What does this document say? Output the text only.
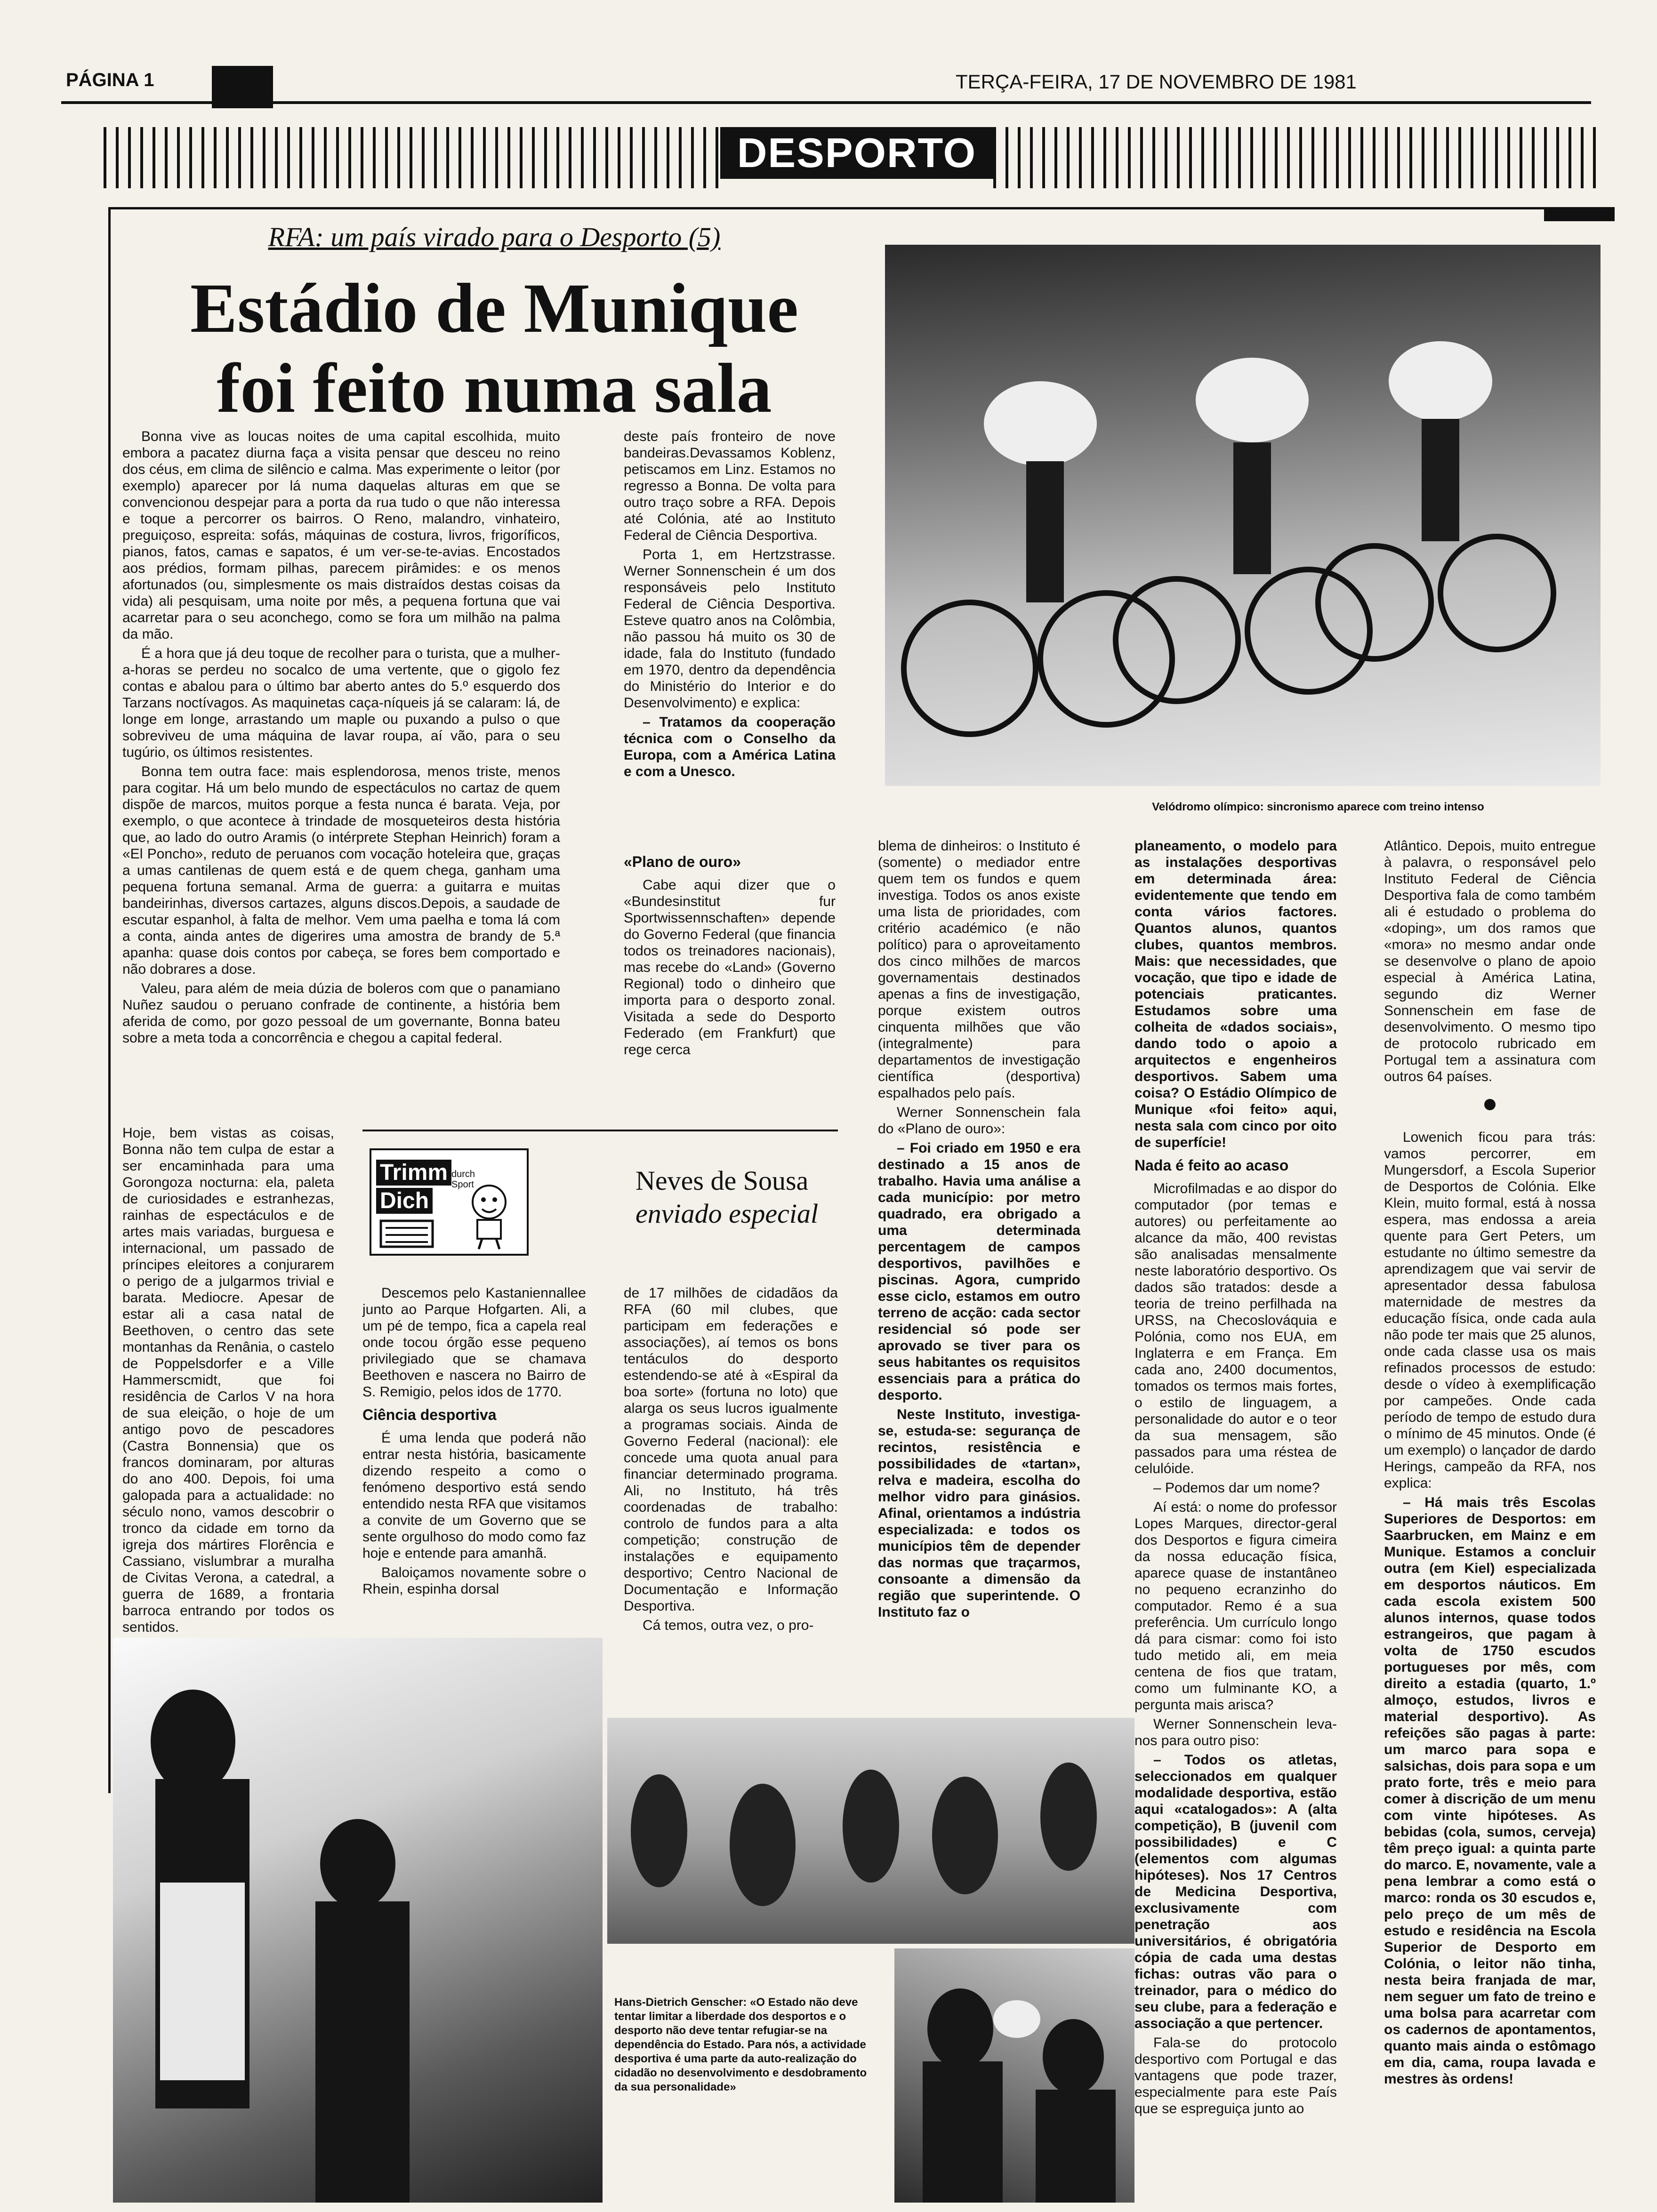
PÁGINA 1	TERÇA-FEIRA, 17 DE NOVEMBRO DE 1981
DESPORTO
RFA: um país virado para o Desporto (5)
Estádio de Munique
foi feito numa sala
Velódromo olímpico: sincronismo aparece com treino intenso

Bonna vive as loucas noites de uma capital escolhida, muito embora a pacatez diurna faça a visita pensar que desceu no reino dos céus, em clima de silêncio e calma. Mas experimente o leitor (por exemplo) aparecer por lá numa daquelas alturas em que se convencionou despejar para a porta da rua tudo o que não interessa e toque a percorrer os bairros. O Reno, malandro, vinhateiro, preguiçoso, espreita: sofás, máquinas de costura, livros, frigoríficos, pianos, fatos, camas e sapatos, é um ver-se-te-avias. Encostados aos prédios, formam pilhas, parecem pirâmides: e os menos afortunados (ou, simplesmente os mais distraídos destas coisas da vida) ali pesquisam, uma noite por mês, a pequena fortuna que vai acarretar para o seu aconchego, como se fora um milhão na palma da mão.

É a hora que já deu toque de recolher para o turista, que a mulher-a-horas se perdeu no socalco de uma vertente, que o gigolo fez contas e abalou para o último bar aberto antes do 5.º esquerdo dos Tarzans noctívagos. As maquinetas caça-níqueis já se calaram: lá, de longe em longe, arrastando um maple ou puxando a pulso o que sobreviveu de uma máquina de lavar roupa, aí vão, para o seu tugúrio, os últimos resistentes.

Bonna tem outra face: mais esplendorosa, menos triste, menos para cogitar. Há um belo mundo de espectáculos no cartaz de quem dispõe de marcos, muitos porque a festa nunca é barata. Veja, por exemplo, o que acontece à trindade de mosqueteiros desta história que, ao lado do outro Aramis (o intérprete Stephan Heinrich) foram a «El Poncho», reduto de peruanos com vocação hoteleira que, graças a umas cantilenas de quem está e de quem chega, ganham uma pequena fortuna semanal. Arma de guerra: a guitarra e muitas bandeirinhas, diversos cartazes, alguns discos.Depois, a saudade de escutar espanhol, à falta de melhor. Vem uma paelha e toma lá com a conta, ainda antes de digerires uma amostra de brandy de 5.ª apanha: quase dois contos por cabeça, se fores bem comportado e não dobrares a dose.

Valeu, para além de meia dúzia de boleros com que o panamiano Nuñez saudou o peruano confrade de continente, a história bem aferida de como, por gozo pessoal de um governante, Bonna bateu sobre a meta toda a concorrência e chegou a capital federal.

deste país fronteiro de nove bandeiras.Devassamos Koblenz, petiscamos em Linz. Estamos no regresso a Bonna. De volta para outro traço sobre a RFA. Depois até Colónia, até ao Instituto Federal de Ciência Desportiva.

Porta 1, em Hertzstrasse. Werner Sonnenschein é um dos responsáveis pelo Instituto Federal de Ciência Desportiva. Esteve quatro anos na Colômbia, não passou há muito os 30 de idade, fala do Instituto (fundado em 1970, dentro da dependência do Ministério do Interior e do Desenvolvimento) e explica:

– Tratamos da cooperação técnica com o Conselho da Europa, com a América Latina e com a Unesco.

«Plano de ouro»

Cabe aqui dizer que o «Bundesinstitut fur Sportwissennschaften» depende do Governo Federal (que financia todos os treinadores nacionais), mas recebe do «Land» (Governo Regional) todo o dinheiro que importa para o desporto zonal. Visitada a sede do Desporto Federado (em Frankfurt) que rege cerca

blema de dinheiros: o Instituto é (somente) o mediador entre quem tem os fundos e quem investiga. Todos os anos existe uma lista de prioridades, com critério académico (e não político) para o aproveitamento dos cinco milhões de marcos governamentais destinados apenas a fins de investigação, porque existem outros cinquenta milhões que vão (integralmente) para departamentos de investigação científica (desportiva) espalhados pelo país.

Werner Sonnenschein fala do «Plano de ouro»:

– Foi criado em 1950 e era destinado a 15 anos de trabalho. Havia uma análise a cada município: por metro quadrado, era obrigado a uma determinada percentagem de campos desportivos, pavilhões e piscinas. Agora, cumprido esse ciclo, estamos em outro terreno de acção: cada sector residencial só pode ser aprovado se tiver para os seus habitantes os requisitos essenciais para a prática do desporto.

Neste Instituto, investiga-se, estuda-se: segurança de recintos, resistência e possibilidades de «tartan», relva e madeira, escolha do melhor vidro para ginásios. Afinal, orientamos a indústria especializada: e todos os municípios têm de depender das normas que traçarmos, consoante a dimensão da região que superintende. O Instituto faz o

planeamento, o modelo para as instalações desportivas em determinada área: evidentemente que tendo em conta vários factores. Quantos alunos, quantos clubes, quantos membros. Mais: que necessidades, que vocação, que tipo e idade de potenciais praticantes. Estudamos sobre uma colheita de «dados sociais», dando todo o apoio a arquitectos e engenheiros desportivos. Sabem uma coisa? O Estádio Olímpico de Munique «foi feito» aqui, nesta sala com cinco por oito de superfície!

Nada é feito ao acaso

Microfilmadas e ao dispor do computador (por temas e autores) ou perfeitamente ao alcance da mão, 400 revistas são analisadas mensalmente neste laboratório desportivo. Os dados são tratados: desde a teoria de treino perfilhada na URSS, na Checoslováquia e Polónia, como nos EUA, em Inglaterra e em França. Em cada ano, 2400 documentos, tomados os termos mais fortes, o estilo de linguagem, a personalidade do autor e o teor da sua mensagem, são passados para uma réstea de celulóide.

– Podemos dar um nome?

Aí está: o nome do professor Lopes Marques, director-geral dos Desportos e figura cimeira da nossa educação física, aparece quase de instantâneo no pequeno ecranzinho do computador. Remo é a sua preferência. Um currículo longo dá para cismar: como foi isto tudo metido ali, em meia centena de fios que tratam, como um fulminante KO, a pergunta mais arisca?

Werner Sonnenschein leva-nos para outro piso:

– Todos os atletas, seleccionados em qualquer modalidade desportiva, estão aqui «catalogados»: A (alta competição), B (juvenil com possibilidades) e C (elementos com algumas hipóteses). Nos 17 Centros de Medicina Desportiva, exclusivamente com penetração aos universitários, é obrigatória cópia de cada uma destas fichas: outras vão para o treinador, para o médico do seu clube, para a federação e associação a que pertencer.

Fala-se do protocolo desportivo com Portugal e das vantagens que pode trazer, especialmente para este País que se espreguiça junto ao

Atlântico. Depois, muito entregue à palavra, o responsável pelo Instituto Federal de Ciência Desportiva fala de como também ali é estudado o problema do «doping», um dos ramos que «mora» no mesmo andar onde se desenvolve o plano de apoio especial à América Latina, segundo diz Werner Sonnenschein em fase de desenvolvimento. O mesmo tipo de protocolo rubricado em Portugal tem a assinatura com outros 64 países.

Lowenich ficou para trás: vamos percorrer, em Mungersdorf, a Escola Superior de Desportos de Colónia. Elke Klein, muito formal, está à nossa espera, mas endossa a areia quente para Gert Peters, um estudante no último semestre da aprendizagem que vai servir de apresentador dessa fabulosa maternidade de mestres da educação física, onde cada aula não pode ter mais que 25 alunos, onde cada classe usa os mais refinados processos de estudo: desde o vídeo à exemplificação por campeões. Onde cada período de tempo de estudo dura o mínimo de 45 minutos. Onde (é um exemplo) o lançador de dardo Herings, campeão da RFA, nos explica:

– Há mais três Escolas Superiores de Desportos: em Saarbrucken, em Mainz e em Munique. Estamos a concluir outra (em Kiel) especializada em desportos náuticos. Em cada escola existem 500 alunos internos, quase todos estrangeiros, que pagam à volta de 1750 escudos portugueses por mês, com direito a estadia (quarto, 1.º almoço, estudos, livros e material desportivo). As refeições são pagas à parte: um marco para sopa e salsichas, dois para sopa e um prato forte, três e meio para comer à discrição de um menu com vinte hipóteses. As bebidas (cola, sumos, cerveja) têm preço igual: a quinta parte do marco. E, novamente, vale a pena lembrar a como está o marco: ronda os 30 escudos e, pelo preço de um mês de estudo e residência na Escola Superior de Desporto em Colónia, o leitor não tinha, nesta beira franjada de mar, nem seguer um fato de treino e uma bolsa para acarretar com os cadernos de apontamentos, quanto mais ainda o estômago em dia, cama, roupa lavada e mestres às ordens!

Hoje, bem vistas as coisas, Bonna não tem culpa de estar a ser encaminhada para uma Gorongoza nocturna: ela, paleta de curiosidades e estranhezas, rainhas de espectáculos e de artes mais variadas, burguesa e internacional, um passado de príncipes eleitores a conjurarem o perigo de a julgarmos trivial e barata. Mediocre. Apesar de estar ali a casa natal de Beethoven, o centro das sete montanhas da Renânia, o castelo de Poppelsdorfer e a Ville Hammerscmidt, que foi residência de Carlos V na hora de sua eleição, o hoje de um antigo povo de pescadores (Castra Bonnensia) que os francos dominaram, por alturas do ano 400. Depois, foi uma galopada para a actualidade: no século nono, vamos descobrir o tronco da cidade em torno da igreja dos mártires Florência e Cassiano, vislumbrar a muralha de Civitas Verona, a catedral, a guerra de 1689, a frontaria barroca entrando por todos os sentidos.

Trimm
Dich
durch Sport	Neves de Sousa
enviado especial

Descemos pelo Kastaniennallee junto ao Parque Hofgarten. Ali, a um pé de tempo, fica a capela real onde tocou órgão esse pequeno privilegiado que se chamava Beethoven e nascera no Bairro de S. Remigio, pelos idos de 1770.

Ciência desportiva

É uma lenda que poderá não entrar nesta história, basicamente dizendo respeito a como o fenómeno desportivo está sendo entendido nesta RFA que visitamos a convite de um Governo que se sente orgulhoso do modo como faz hoje e entende para amanhã.

Baloiçamos novamente sobre o Rhein, espinha dorsal

de 17 milhões de cidadãos da RFA (60 mil clubes, que participam em federações e associações), aí temos os bons tentáculos do desporto estendendo-se até à «Espiral da boa sorte» (fortuna no loto) que alarga os seus lucros igualmente a programas sociais. Ainda de Governo Federal (nacional): ele concede uma quota anual para financiar determinado programa. Ali, no Instituto, há três coordenadas de trabalho: controlo de fundos para a alta competição; construção de instalações e equipamento desportivo; Centro Nacional de Documentação e Informação Desportiva.

Cá temos, outra vez, o pro-

Hans-Dietrich Genscher: «O Estado não deve tentar limitar a liberdade dos desportos e o desporto não deve tentar refugiar-se na dependência do Estado. Para nós, a actividade desportiva é uma parte da auto-realização do cidadão no desenvolvimento e desdobramento da sua personalidade»
